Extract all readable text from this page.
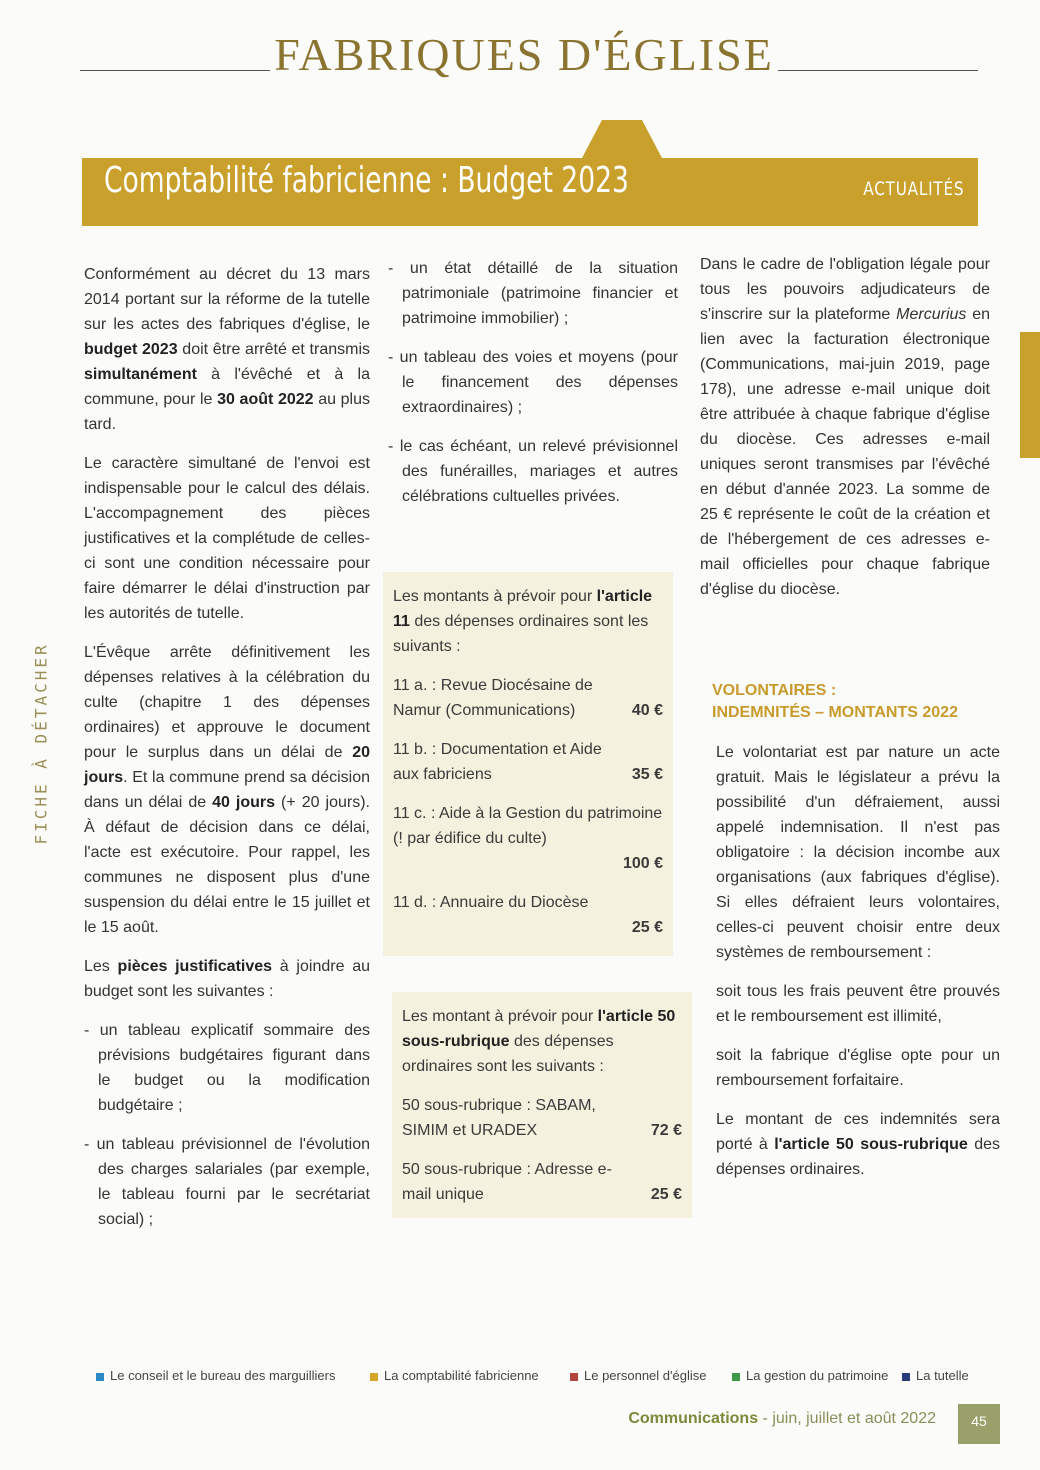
FABRIQUES D'ÉGLISE
Comptabilité fabricienne : Budget 2023	ACTUALITÉS
FICHE À DÉTACHER

Conformément au décret du 13 mars 2014 portant sur la réforme de la tutelle sur les actes des fabriques d'église, le budget 2023 doit être arrêté et transmis simultanément à l'évêché et à la commune, pour le 30 août 2022 au plus tard.

Le caractère simultané de l'envoi est indispensable pour le calcul des délais. L'accompagnement des pièces justificatives et la complétude de celles-ci sont une condition nécessaire pour faire démarrer le délai d'instruction par les autorités de tutelle.

L'Évêque arrête définitivement les dépenses relatives à la célébration du culte (chapitre 1 des dépenses ordinaires) et approuve le document pour le surplus dans un délai de 20 jours. Et la commune prend sa décision dans un délai de 40 jours (+ 20 jours). À défaut de décision dans ce délai, l'acte est exécutoire. Pour rappel, les communes ne disposent plus d'une suspension du délai entre le 15 juillet et le 15 août.

Les pièces justificatives à joindre au budget sont les suivantes :

- un tableau explicatif sommaire des prévisions budgétaires figurant dans le budget ou la modification budgétaire ;

- un tableau prévisionnel de l'évolution des charges salariales (par exemple, le tableau fourni par le secrétariat social) ;

- un état détaillé de la situation patrimoniale (patrimoine financier et patrimoine immobilier) ;

- un tableau des voies et moyens (pour le financement des dépenses extraordinaires) ;

- le cas échéant, un relevé prévisionnel des funérailles, mariages et autres célébrations cultuelles privées.

Les montants à prévoir pour l'article 11 des dépenses ordinaires sont les suivants :
11 a. : Revue Diocésaine de Namur (Communications)	40 €
11 b. : Documentation et Aide aux fabriciens	35 €
11 c. : Aide à la Gestion du patrimoine (! par édifice du culte)
100 €
11 d. : Annuaire du Diocèse
25 €
Les montant à prévoir pour l'article 50 sous-rubrique des dépenses ordinaires sont les suivants :
50 sous-rubrique : SABAM, SIMIM et URADEX	72 €
50 sous-rubrique : Adresse e-mail unique	25 €

Dans le cadre de l'obligation légale pour tous les pouvoirs adjudicateurs de s'inscrire sur la plateforme Mercurius en lien avec la facturation électronique (Communications, mai-juin 2019, page 178), une adresse e-mail unique doit être attribuée à chaque fabrique d'église du diocèse. Ces adresses e-mail uniques seront transmises par l'évêché en début d'année 2023. La somme de 25 € représente le coût de la création et de l'hébergement de ces adresses e-mail officielles pour chaque fabrique d'église du diocèse.

VOLONTAIRES :
INDEMNITÉS – MONTANTS 2022

Le volontariat est par nature un acte gratuit. Mais le législateur a prévu la possibilité d'un défraiement, aussi appelé indemnisation. Il n'est pas obligatoire : la décision incombe aux organisations (aux fabriques d'église). Si elles défraient leurs volontaires, celles-ci peuvent choisir entre deux systèmes de remboursement :

soit tous les frais peuvent être prouvés et le remboursement est illimité,

soit la fabrique d'église opte pour un remboursement forfaitaire.

Le montant de ces indemnités sera porté à l'article 50 sous-rubrique des dépenses ordinaires.

Le conseil et le bureau des marguilliers	La comptabilité fabricienne	Le personnel d'église	La gestion du patrimoine	La tutelle
Communications - juin, juillet et août 2022	45
